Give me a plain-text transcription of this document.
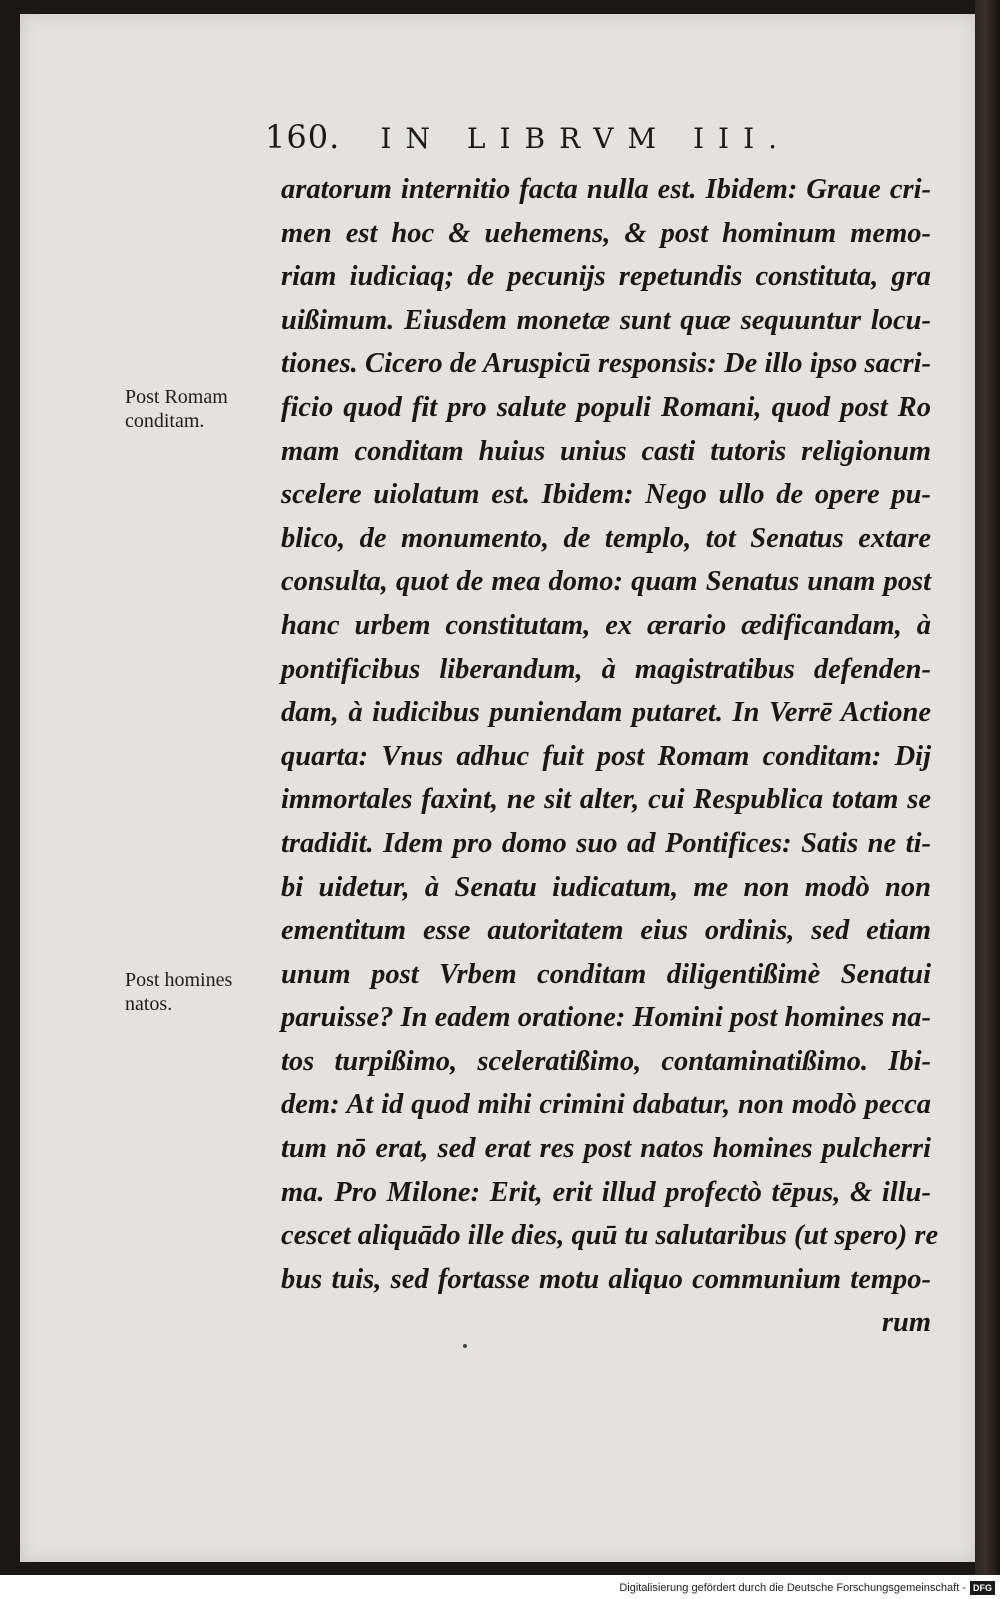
160. IN LIBRVM III.
Post Romam
conditam.
Post homines
natos.
aratorum internitio facta nulla est. Ibidem: Graue cri-
men est hoc & uehemens, & post hominum memo-
riam iudiciaq; de pecunijs repetundis constituta, gra
uißimum. Eiusdem monetæ sunt quæ sequuntur locu-
tiones. Cicero de Aruspicū responsis: De illo ipso sacri-
ficio quod fit pro salute populi Romani, quod post Ro
mam conditam huius unius casti tutoris religionum
scelere uiolatum est. Ibidem: Nego ullo de opere pu-
blico, de monumento, de templo, tot Senatus extare
consulta, quot de mea domo: quam Senatus unam post
hanc urbem constitutam, ex ærario ædificandam, à
pontificibus liberandum, à magistratibus defenden-
dam, à iudicibus puniendam putaret. In Verrē Actione
quarta: Vnus adhuc fuit post Romam conditam: Dij
immortales faxint, ne sit alter, cui Respublica totam se
tradidit. Idem pro domo suo ad Pontifices: Satis ne ti-
bi uidetur, à Senatu iudicatum, me non modò non
ementitum esse autoritatem eius ordinis, sed etiam
unum post Vrbem conditam diligentißimè Senatui
paruisse? In eadem oratione: Homini post homines na-
tos turpißimo, sceleratißimo, contaminatißimo. Ibi-
dem: At id quod mihi crimini dabatur, non modò pecca
tum nō erat, sed erat res post natos homines pulcherri
ma. Pro Milone: Erit, erit illud profectò tēpus, & illu-
cescet aliquādo ille dies, quū tu salutaribus (ut spero) re
bus tuis, sed fortasse motu aliquo communium tempo-
rum
Digitalisierung gefördert durch die Deutsche Forschungsgemeinschaft - DFG
